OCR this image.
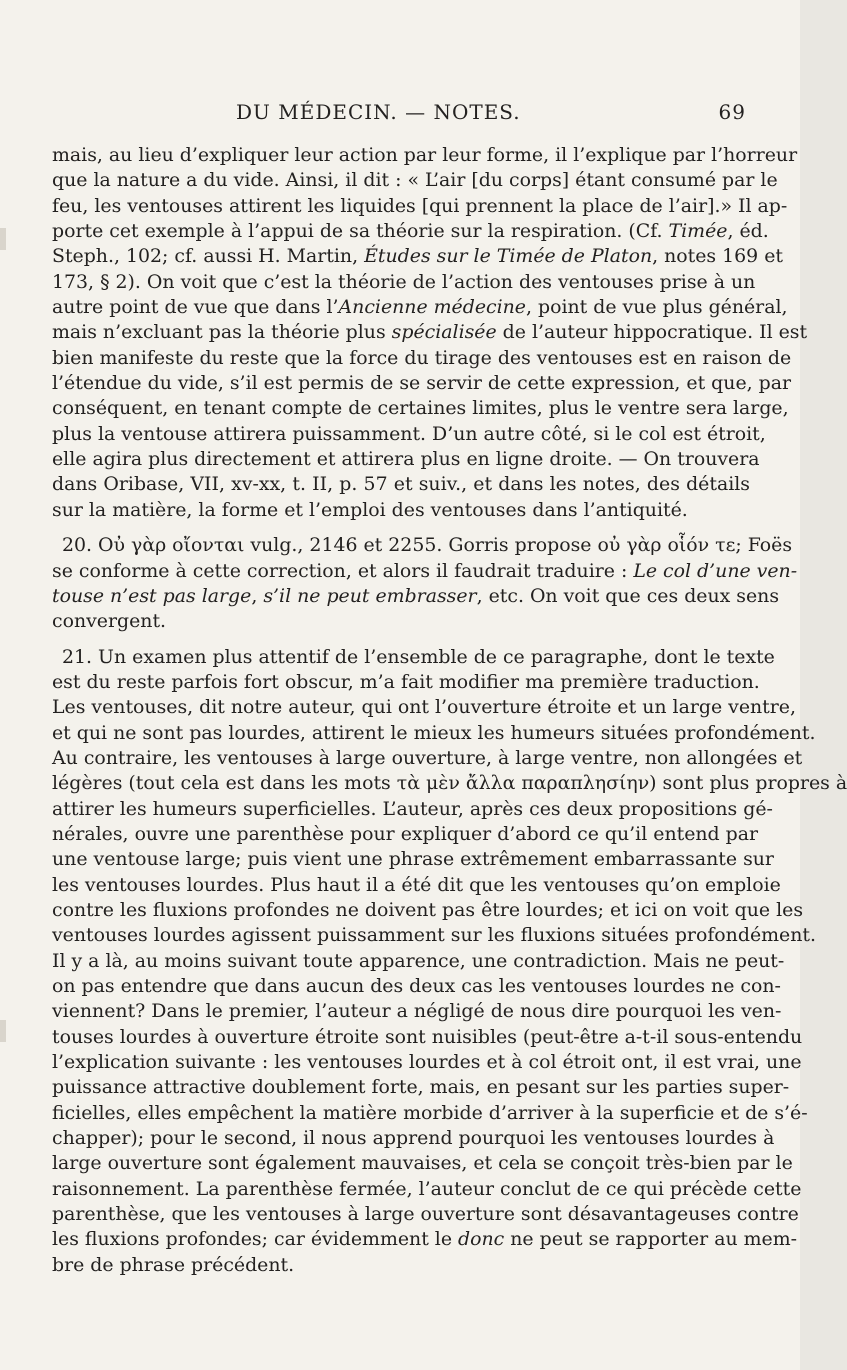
DU MÉDECIN. — NOTES.	69
mais, au lieu d’expliquer leur action par leur forme, il l’explique par l’horreur
que la nature a du vide. Ainsi, il dit : « L’air [du corps] étant consumé par le
feu, les ventouses attirent les liquides [qui prennent la place de l’air].» Il ap-
porte cet exemple à l’appui de sa théorie sur la respiration. (Cf. Timée, éd.
Steph., 102; cf. aussi H. Martin, Études sur le Timée de Platon, notes 169 et
173, § 2). On voit que c’est la théorie de l’action des ventouses prise à un
autre point de vue que dans l’Ancienne médecine, point de vue plus général,
mais n’excluant pas la théorie plus spécialisée de l’auteur hippocratique. Il est
bien manifeste du reste que la force du tirage des ventouses est en raison de
l’étendue du vide, s’il est permis de se servir de cette expression, et que, par
conséquent, en tenant compte de certaines limites, plus le ventre sera large,
plus la ventouse attirera puissamment. D’un autre côté, si le col est étroit,
elle agira plus directement et attirera plus en ligne droite. — On trouvera
dans Oribase, VII, xv-xx, t. II, p. 57 et suiv., et dans les notes, des détails
sur la matière, la forme et l’emploi des ventouses dans l’antiquité.
20. Οὐ γὰρ οἴονται vulg., 2146 et 2255. Gorris propose οὐ γὰρ οἷόν τε; Foës
se conforme à cette correction, et alors il faudrait traduire : Le col d’une ven-
touse n’est pas large, s’il ne peut embrasser, etc. On voit que ces deux sens
convergent.
21. Un examen plus attentif de l’ensemble de ce paragraphe, dont le texte
est du reste parfois fort obscur, m’a fait modifier ma première traduction.
Les ventouses, dit notre auteur, qui ont l’ouverture étroite et un large ventre,
et qui ne sont pas lourdes, attirent le mieux les humeurs situées profondément.
Au contraire, les ventouses à large ouverture, à large ventre, non allongées et
légères (tout cela est dans les mots τὰ μὲν ἄλλα παραπλησίην) sont plus propres à
attirer les humeurs superficielles. L’auteur, après ces deux propositions gé-
nérales, ouvre une parenthèse pour expliquer d’abord ce qu’il entend par
une ventouse large; puis vient une phrase extrêmement embarrassante sur
les ventouses lourdes. Plus haut il a été dit que les ventouses qu’on emploie
contre les fluxions profondes ne doivent pas être lourdes; et ici on voit que les
ventouses lourdes agissent puissamment sur les fluxions situées profondément.
Il y a là, au moins suivant toute apparence, une contradiction. Mais ne peut-
on pas entendre que dans aucun des deux cas les ventouses lourdes ne con-
viennent? Dans le premier, l’auteur a négligé de nous dire pourquoi les ven-
touses lourdes à ouverture étroite sont nuisibles (peut-être a-t-il sous-entendu
l’explication suivante : les ventouses lourdes et à col étroit ont, il est vrai, une
puissance attractive doublement forte, mais, en pesant sur les parties super-
ficielles, elles empêchent la matière morbide d’arriver à la superficie et de s’é-
chapper); pour le second, il nous apprend pourquoi les ventouses lourdes à
large ouverture sont également mauvaises, et cela se conçoit très-bien par le
raisonnement. La parenthèse fermée, l’auteur conclut de ce qui précède cette
parenthèse, que les ventouses à large ouverture sont désavantageuses contre
les fluxions profondes; car évidemment le donc ne peut se rapporter au mem-
bre de phrase précédent.
